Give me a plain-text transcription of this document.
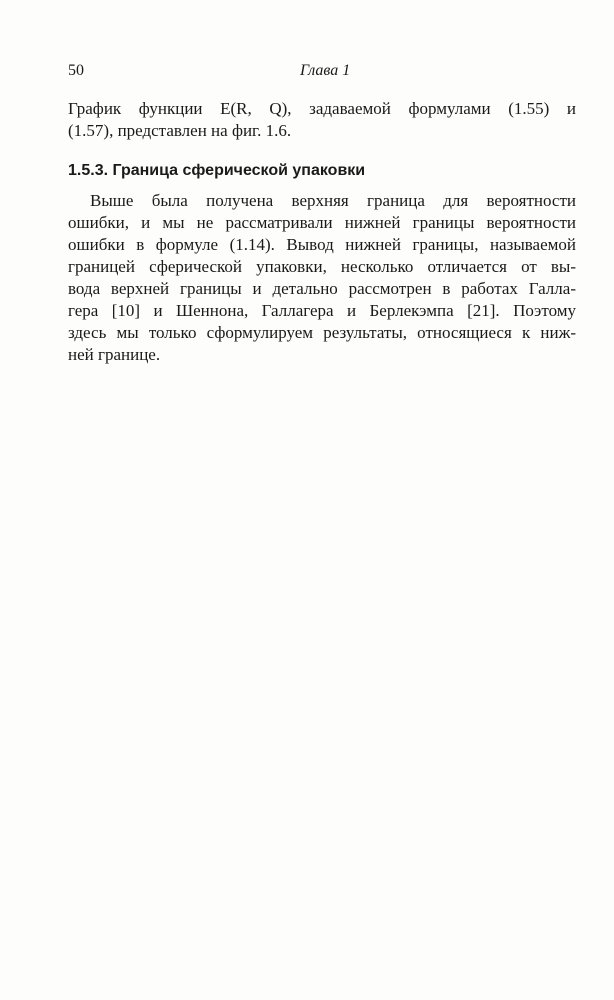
50	Глава 1

График функции E(R, Q), задаваемой формулами (1.55) и

(1.57), представлен на фиг. 1.6.

1.5.3. Граница сферической упаковки

Выше была получена верхняя граница для вероятности

ошибки, и мы не рассматривали нижней границы вероятности

ошибки в формуле (1.14). Вывод нижней границы, называемой

границей сферической упаковки, несколько отличается от вы-

вода верхней границы и детально рассмотрен в работах Галла-

гера [10] и Шеннона, Галлагера и Берлекэмпа [21]. Поэтому

здесь мы только сформулируем результаты, относящиеся к ниж-

ней границе.
